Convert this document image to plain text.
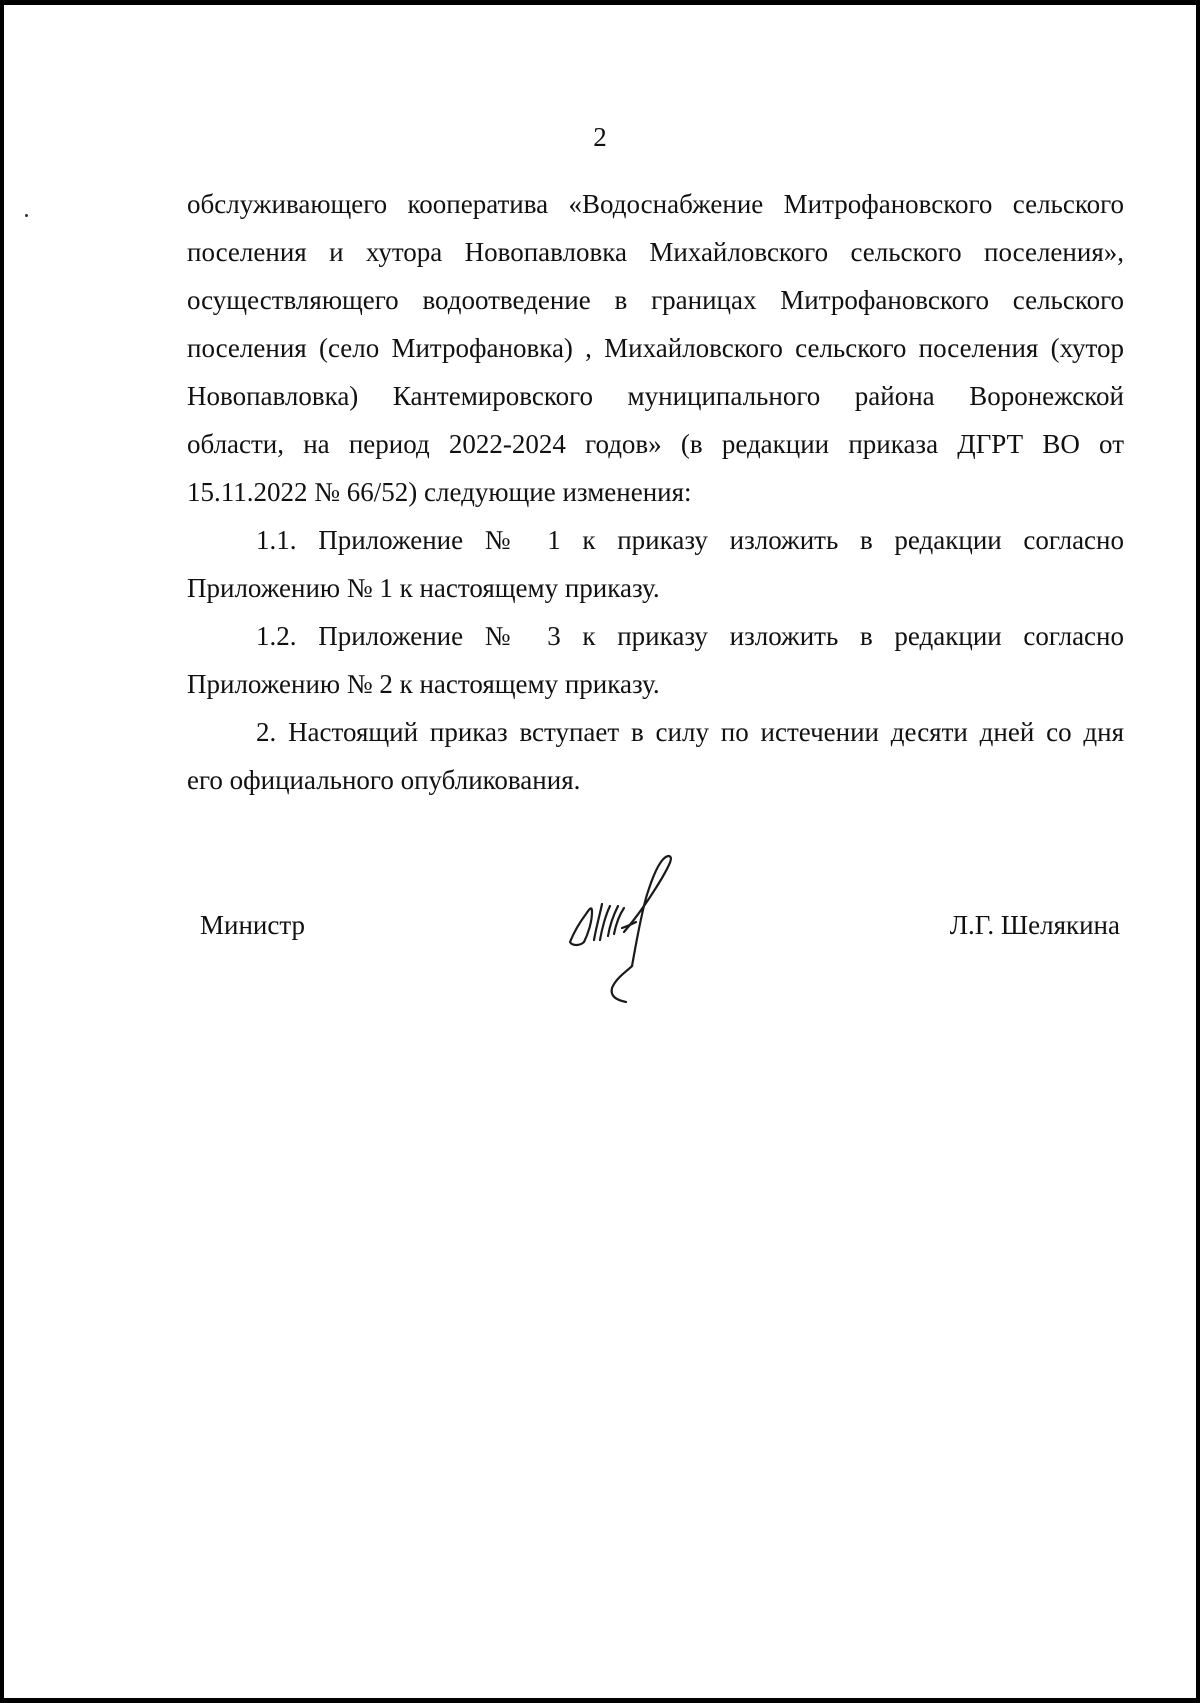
2
обслуживающего кооператива «Водоснабжение Митрофановского сельского
поселения и хутора Новопавловка Михайловского сельского поселения»,
осуществляющего водоотведение в границах Митрофановского сельского
поселения (село Митрофановка) , Михайловского сельского поселения (хутор
Новопавловка) Кантемировского муниципального района Воронежской
области, на период 2022-2024 годов» (в редакции приказа ДГРТ ВО от
15.11.2022 № 66/52) следующие изменения:
1.1. Приложение № 1 к приказу изложить в редакции согласно
Приложению № 1 к настоящему приказу.
1.2. Приложение № 3 к приказу изложить в редакции согласно
Приложению № 2 к настоящему приказу.
2. Настоящий приказ вступает в силу по истечении десяти дней со дня
его официального опубликования.
Министр	Л.Г. Шелякина
